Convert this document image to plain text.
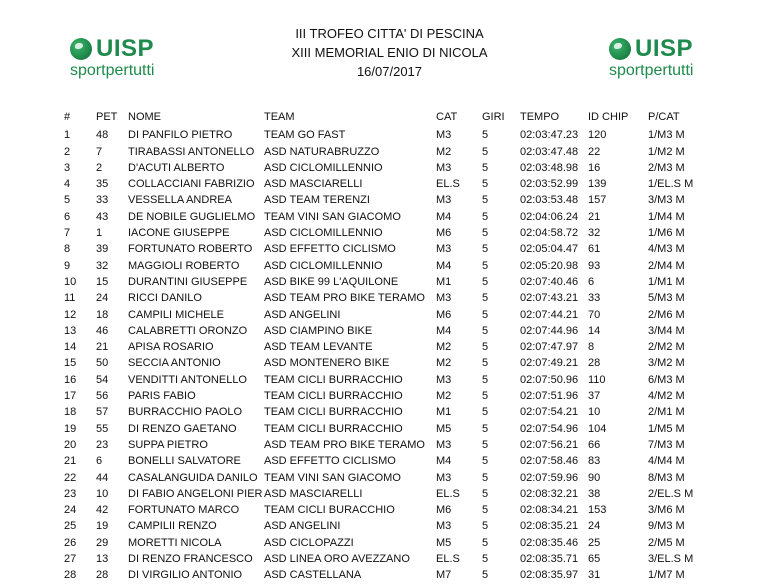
UISP
sportpertutti
III TROFEO CITTA' DI PESCINA
XIII MEMORIAL ENIO DI NICOLA
16/07/2017
UISP
sportpertutti
#	PET	NOME	TEAM	CAT	GIRI	TEMPO	ID CHIP	P/CAT
1	48	DI PANFILO PIETRO	TEAM GO FAST	M3	5	02:03:47.23	120	1/M3 M
2	7	TIRABASSI ANTONELLO	ASD NATURABRUZZO	M2	5	02:03:47.48	22	1/M2 M
3	2	D'ACUTI ALBERTO	ASD CICLOMILLENNIO	M3	5	02:03:48.98	16	2/M3 M
4	35	COLLACCIANI FABRIZIO	ASD MASCIARELLI	EL.S	5	02:03:52.99	139	1/EL.S M
5	33	VESSELLA ANDREA	ASD TEAM TERENZI	M3	5	02:03:53.48	157	3/M3 M
6	43	DE NOBILE GUGLIELMO	TEAM VINI SAN GIACOMO	M4	5	02:04:06.24	21	1/M4 M
7	1	IACONE GIUSEPPE	ASD CICLOMILLENNIO	M6	5	02:04:58.72	32	1/M6 M
8	39	FORTUNATO ROBERTO	ASD EFFETTO CICLISMO	M3	5	02:05:04.47	61	4/M3 M
9	32	MAGGIOLI ROBERTO	ASD CICLOMILLENNIO	M4	5	02:05:20.98	93	2/M4 M
10	15	DURANTINI GIUSEPPE	ASD BIKE 99 L'AQUILONE	M1	5	02:07:40.46	6	1/M1 M
11	24	RICCI DANILO	ASD TEAM PRO BIKE TERAMO	M3	5	02:07:43.21	33	5/M3 M
12	18	CAMPILI MICHELE	ASD ANGELINI	M6	5	02:07:44.21	70	2/M6 M
13	46	CALABRETTI ORONZO	ASD CIAMPINO BIKE	M4	5	02:07:44.96	14	3/M4 M
14	21	APISA ROSARIO	ASD TEAM LEVANTE	M2	5	02:07:47.97	8	2/M2 M
15	50	SECCIA ANTONIO	ASD MONTENERO BIKE	M2	5	02:07:49.21	28	3/M2 M
16	54	VENDITTI ANTONELLO	TEAM CICLI BURRACCHIO	M3	5	02:07:50.96	110	6/M3 M
17	56	PARIS FABIO	TEAM CICLI BURRACCHIO	M2	5	02:07:51.96	37	4/M2 M
18	57	BURRACCHIO PAOLO	TEAM CICLI BURRACCHIO	M1	5	02:07:54.21	10	2/M1 M
19	55	DI RENZO GAETANO	TEAM CICLI BURRACCHIO	M5	5	02:07:54.96	104	1/M5 M
20	23	SUPPA PIETRO	ASD TEAM PRO BIKE TERAMO	M3	5	02:07:56.21	66	7/M3 M
21	6	BONELLI SALVATORE	ASD EFFETTO CICLISMO	M4	5	02:07:58.46	83	4/M4 M
22	44	CASALANGUIDA DANILO	TEAM VINI SAN GIACOMO	M3	5	02:07:59.96	90	8/M3 M
23	10	DI FABIO ANGELONI PIER	ASD MASCIARELLI	EL.S	5	02:08:32.21	38	2/EL.S M
24	42	FORTUNATO MARCO	TEAM CICLI BURACCHIO	M6	5	02:08:34.21	153	3/M6 M
25	19	CAMPILII RENZO	ASD ANGELINI	M3	5	02:08:35.21	24	9/M3 M
26	29	MORETTI NICOLA	ASD CICLOPAZZI	M5	5	02:08:35.46	25	2/M5 M
27	13	DI RENZO FRANCESCO	ASD LINEA ORO AVEZZANO	EL.S	5	02:08:35.71	65	3/EL.S M
28	28	DI VIRGILIO ANTONIO	ASD CASTELLANA	M7	5	02:08:35.97	31	1/M7 M
